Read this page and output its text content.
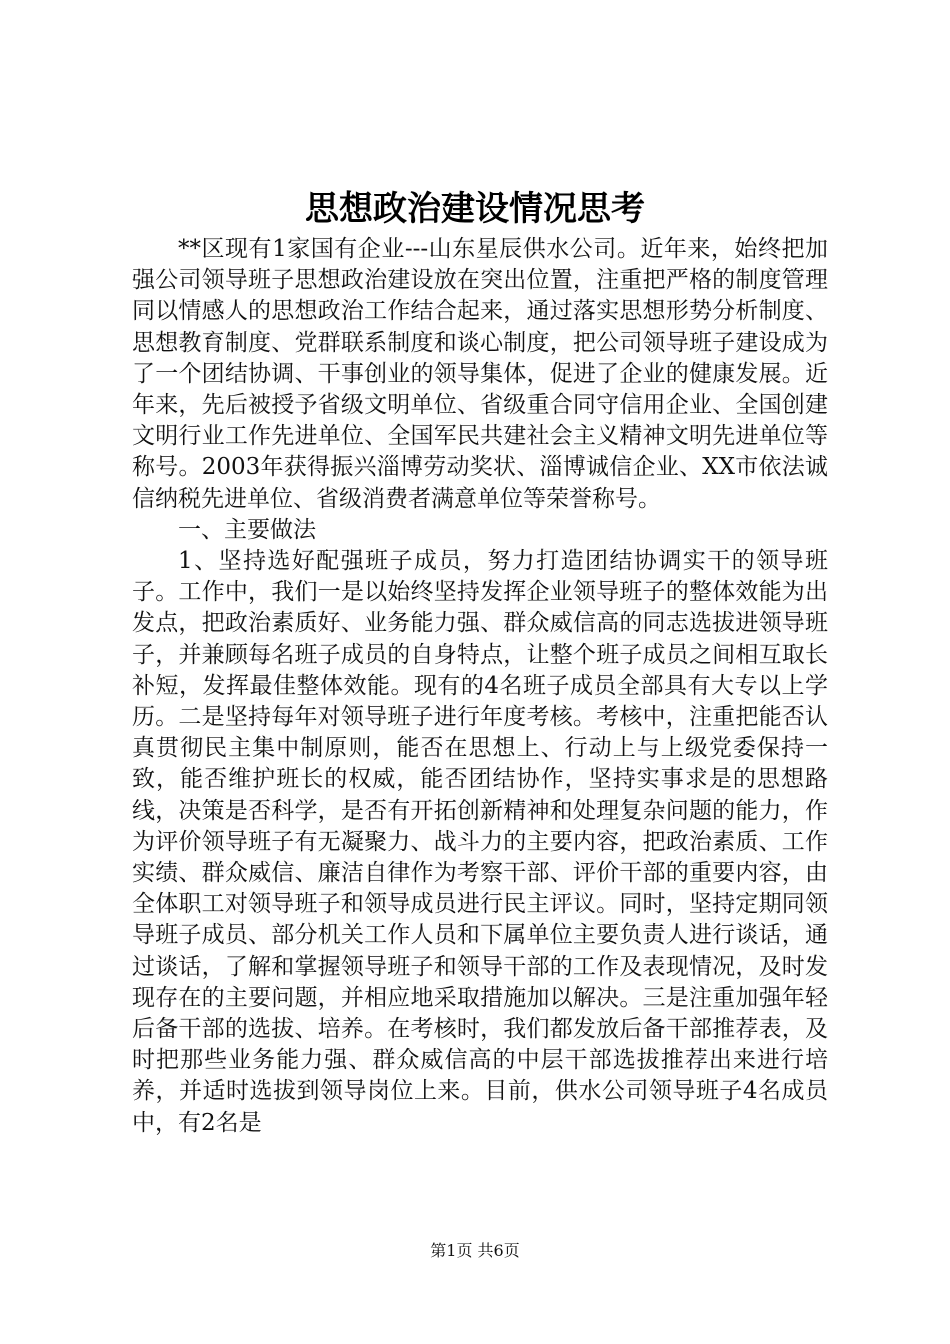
思想政治建设情况思考

**区现有1家国有企业---山东星辰供水公司。近年来，始终把加强公司领导班子思想政治建设放在突出位置，注重把严格的制度管理同以情感人的思想政治工作结合起来，通过落实思想形势分析制度、思想教育制度、党群联系制度和谈心制度，把公司领导班子建设成为了一个团结协调、干事创业的领导集体，促进了企业的健康发展。近年来，先后被授予省级文明单位、省级重合同守信用企业、全国创建文明行业工作先进单位、全国军民共建社会主义精神文明先进单位等称号。2003年获得振兴淄博劳动奖状、淄博诚信企业、XX市依法诚信纳税先进单位、省级消费者满意单位等荣誉称号。

一、主要做法

1、坚持选好配强班子成员，努力打造团结协调实干的领导班子。工作中，我们一是以始终坚持发挥企业领导班子的整体效能为出发点，把政治素质好、业务能力强、群众威信高的同志选拔进领导班子，并兼顾每名班子成员的自身特点，让整个班子成员之间相互取长补短，发挥最佳整体效能。现有的4名班子成员全部具有大专以上学历。二是坚持每年对领导班子进行年度考核。考核中，注重把能否认真贯彻民主集中制原则，能否在思想上、行动上与上级党委保持一致，能否维护班长的权威，能否团结协作，坚持实事求是的思想路线，决策是否科学，是否有开拓创新精神和处理复杂问题的能力，作为评价领导班子有无凝聚力、战斗力的主要内容，把政治素质、工作实绩、群众威信、廉洁自律作为考察干部、评价干部的重要内容，由全体职工对领导班子和领导成员进行民主评议。同时，坚持定期同领导班子成员、部分机关工作人员和下属单位主要负责人进行谈话，通过谈话，了解和掌握领导班子和领导干部的工作及表现情况，及时发现存在的主要问题，并相应地采取措施加以解决。三是注重加强年轻后备干部的选拔、培养。在考核时，我们都发放后备干部推荐表，及时把那些业务能力强、群众威信高的中层干部选拔推荐出来进行培养，并适时选拔到领导岗位上来。目前，供水公司领导班子4名成员中，有2名是

第1页 共6页
